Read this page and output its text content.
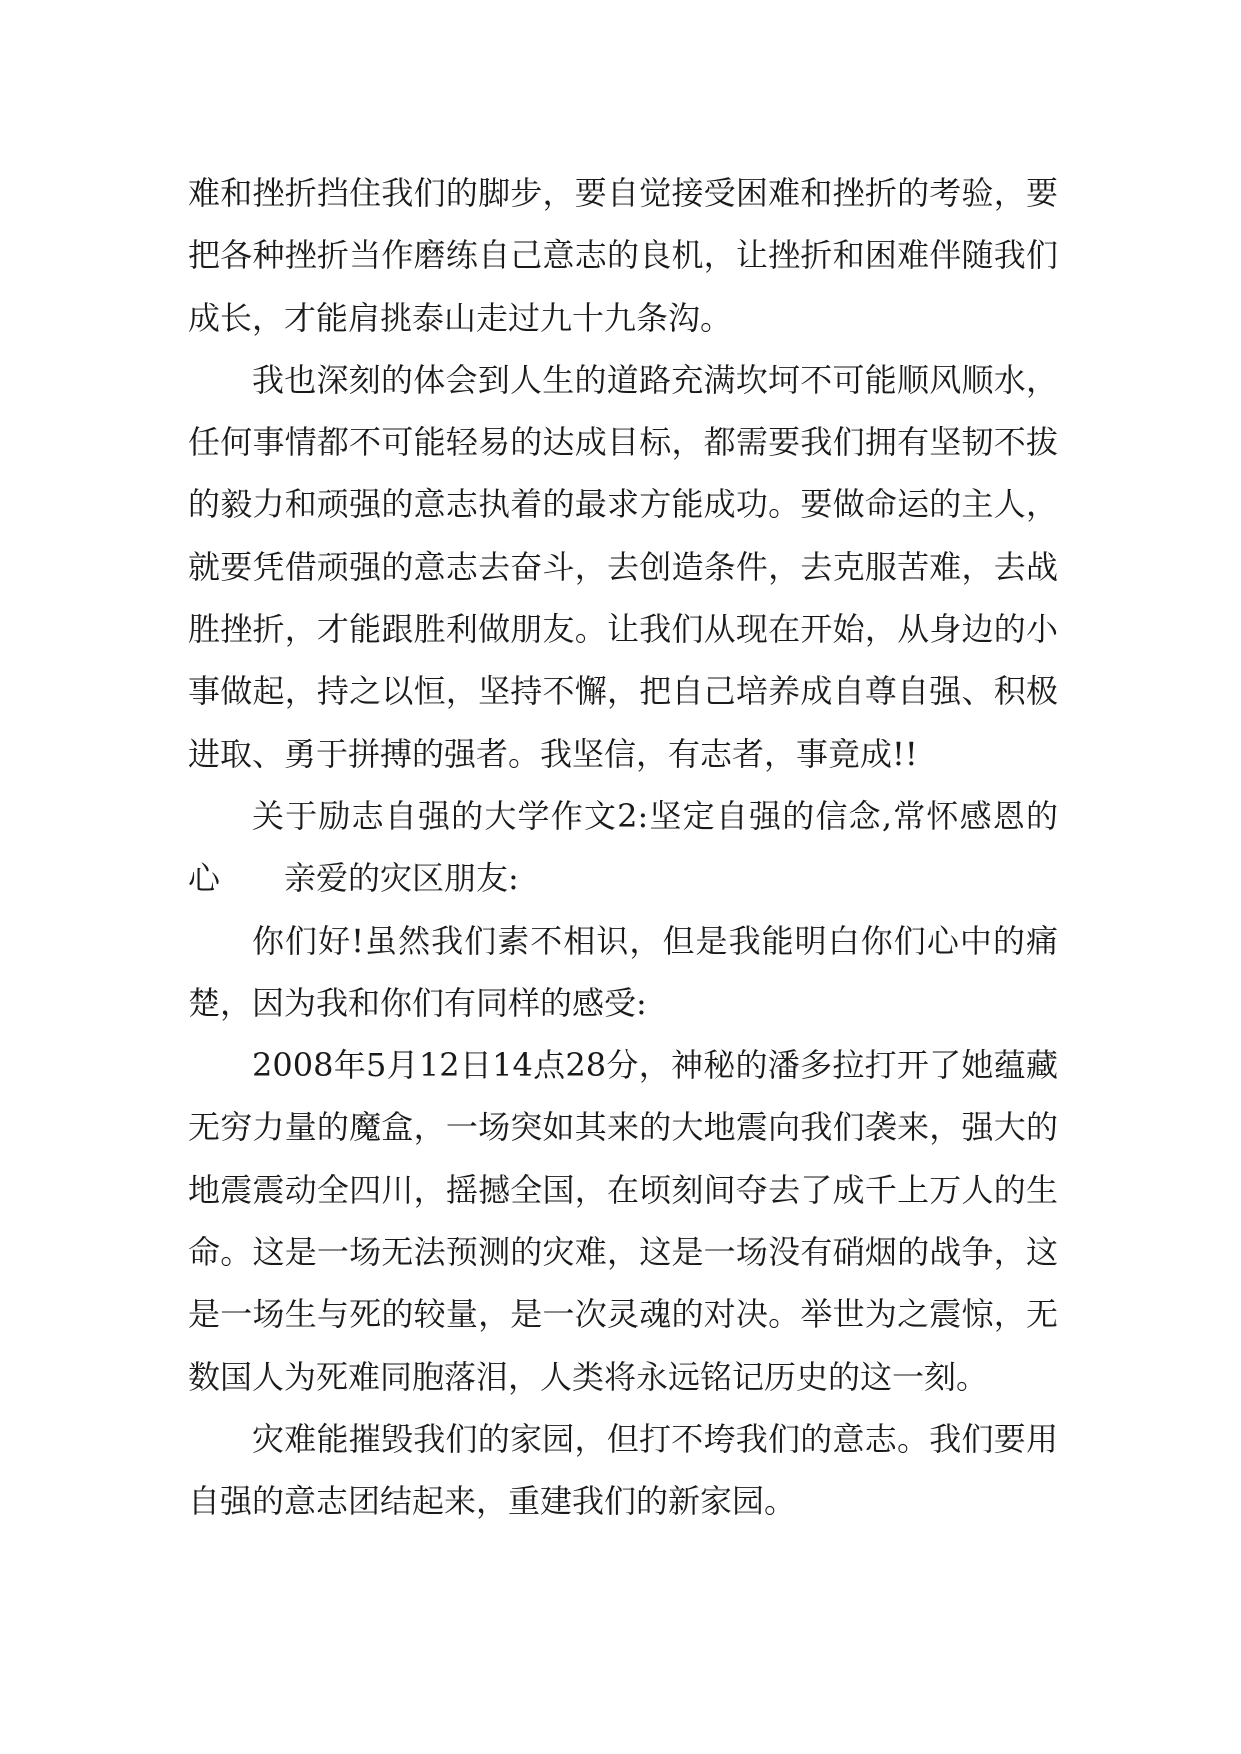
难和挫折挡住我们的脚步，要自觉接受困难和挫折的考验，要把各种挫折当作磨练自己意志的良机，让挫折和困难伴随我们成长，才能肩挑泰山走过九十九条沟。

我也深刻的体会到人生的道路充满坎坷不可能顺风顺水，任何事情都不可能轻易的达成目标，都需要我们拥有坚韧不拔的毅力和顽强的意志执着的最求方能成功。要做命运的主人，就要凭借顽强的意志去奋斗，去创造条件，去克服苦难，去战胜挫折，才能跟胜利做朋友。让我们从现在开始，从身边的小事做起，持之以恒，坚持不懈，把自己培养成自尊自强、积极进取、勇于拼搏的强者。我坚信，有志者，事竟成!!

关于励志自强的大学作文2:坚定自强的信念,常怀感恩的心　　亲爱的灾区朋友:

你们好!虽然我们素不相识，但是我能明白你们心中的痛楚，因为我和你们有同样的感受:

2008年5月12日14点28分，神秘的潘多拉打开了她蕴藏无穷力量的魔盒，一场突如其来的大地震向我们袭来，强大的地震震动全四川，摇撼全国，在顷刻间夺去了成千上万人的生命。这是一场无法预测的灾难，这是一场没有硝烟的战争，这是一场生与死的较量，是一次灵魂的对决。举世为之震惊，无数国人为死难同胞落泪，人类将永远铭记历史的这一刻。

灾难能摧毁我们的家园，但打不垮我们的意志。我们要用自强的意志团结起来，重建我们的新家园。
